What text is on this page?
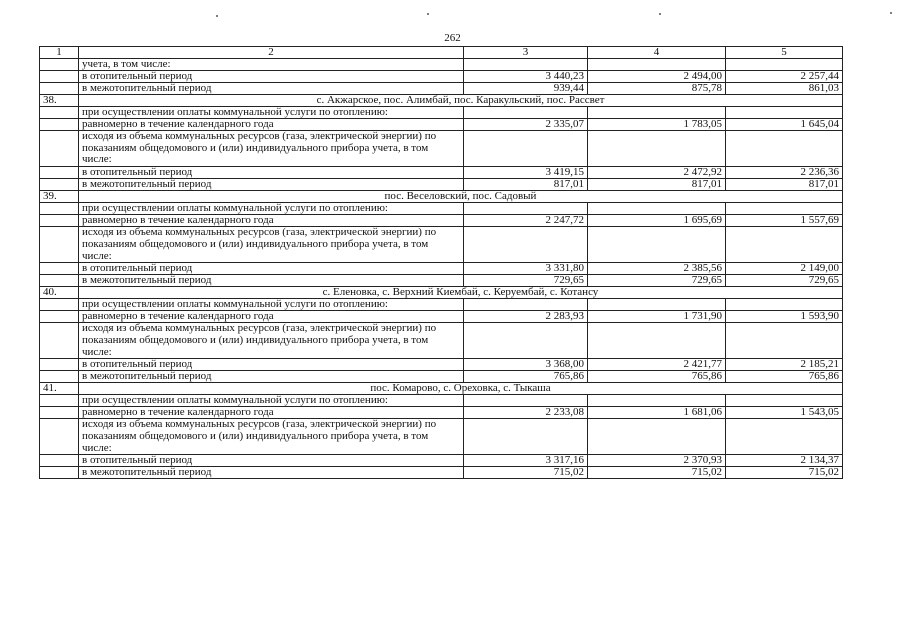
262
1	2	3	4	5
	учета, в том числе:			
	в отопительный период	3 440,23	2 494,00	2 257,44
	в межотопительный период	939,44	875,78	861,03
38.	с. Акжарское, пос. Алимбай, пос. Каракульский, пос. Рассвет			
	при осуществлении оплаты коммунальной услуги по отоплению:			
	равномерно в течение календарного года	2 335,07	1 783,05	1 645,04
	исходя из объема коммунальных ресурсов (газа, электрической энергии) по показаниям общедомового и (или) индивидуального прибора учета, в том числе:			
	в отопительный период	3 419,15	2 472,92	2 236,36
	в межотопительный период	817,01	817,01	817,01
39.	пос. Веселовский, пос. Садовый			
	при осуществлении оплаты коммунальной услуги по отоплению:			
	равномерно в течение календарного года	2 247,72	1 695,69	1 557,69
	исходя из объема коммунальных ресурсов (газа, электрической энергии) по показаниям общедомового и (или) индивидуального прибора учета, в том числе:			
	в отопительный период	3 331,80	2 385,56	2 149,00
	в межотопительный период	729,65	729,65	729,65
40.	с. Еленовка, с. Верхний Киембай, с. Керуембай, с. Котансу			
	при осуществлении оплаты коммунальной услуги по отоплению:			
	равномерно в течение календарного года	2 283,93	1 731,90	1 593,90
	исходя из объема коммунальных ресурсов (газа, электрической энергии) по показаниям общедомового и (или) индивидуального прибора учета, в том числе:			
	в отопительный период	3 368,00	2 421,77	2 185,21
	в межотопительный период	765,86	765,86	765,86
41.	пос. Комарово, с. Ореховка, с. Тыкаша			
	при осуществлении оплаты коммунальной услуги по отоплению:			
	равномерно в течение календарного года	2 233,08	1 681,06	1 543,05
	исходя из объема коммунальных ресурсов (газа, электрической энергии) по показаниям общедомового и (или) индивидуального прибора учета, в том числе:			
	в отопительный период	3 317,16	2 370,93	2 134,37
	в межотопительный период	715,02	715,02	715,02
